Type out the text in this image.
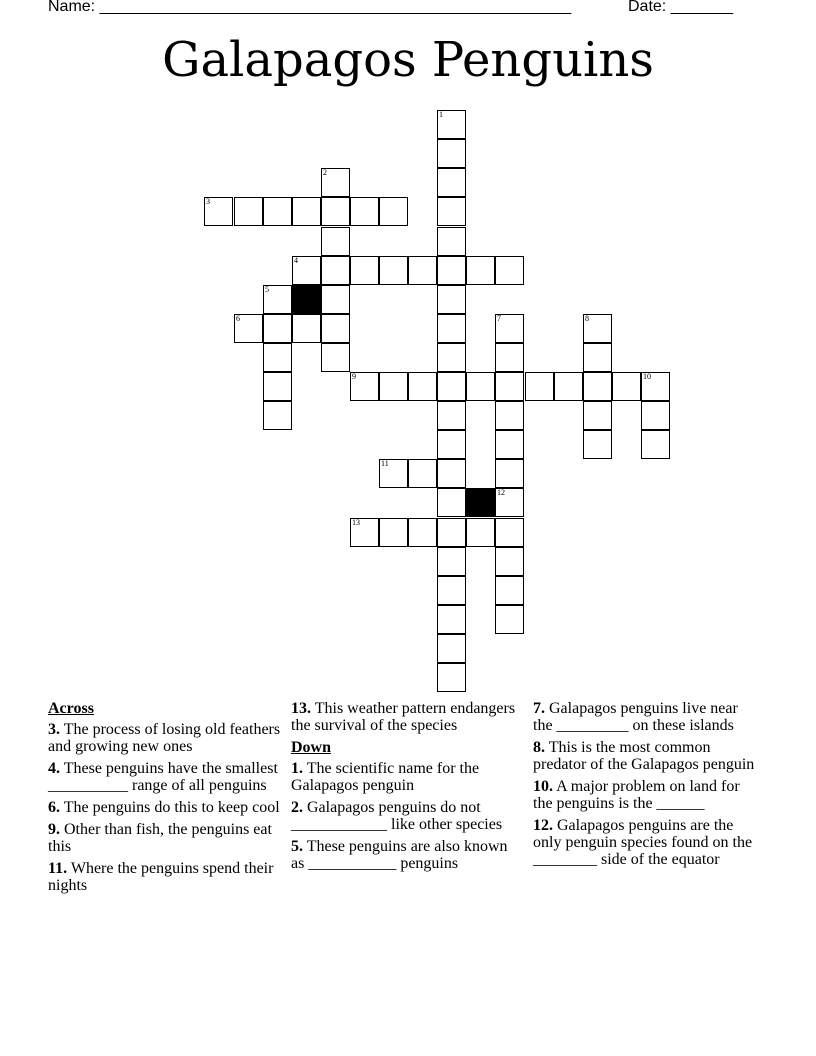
Name: _____________________________________________________	Date: _______
Galapagos Penguins
1
2
3
4
5
6	7
12
8
9	10
11
13
Across
3. The process of losing old feathers and growing new ones
4. These penguins have the smallest __________ range of all penguins
6. The penguins do this to keep cool
9. Other than fish, the penguins eat this
11. Where the penguins spend their nights
13. This weather pattern endangers the survival of the species
Down
1. The scientific name for the Galapagos penguin
2. Galapagos penguins do not ____________ like other species
5. These penguins are also known as ___________ penguins
7. Galapagos penguins live near the _________ on these islands
8. This is the most common predator of the Galapagos penguin
10. A major problem on land for the penguins is the ______
12. Galapagos penguins are the only penguin species found on the ________ side of the equator
